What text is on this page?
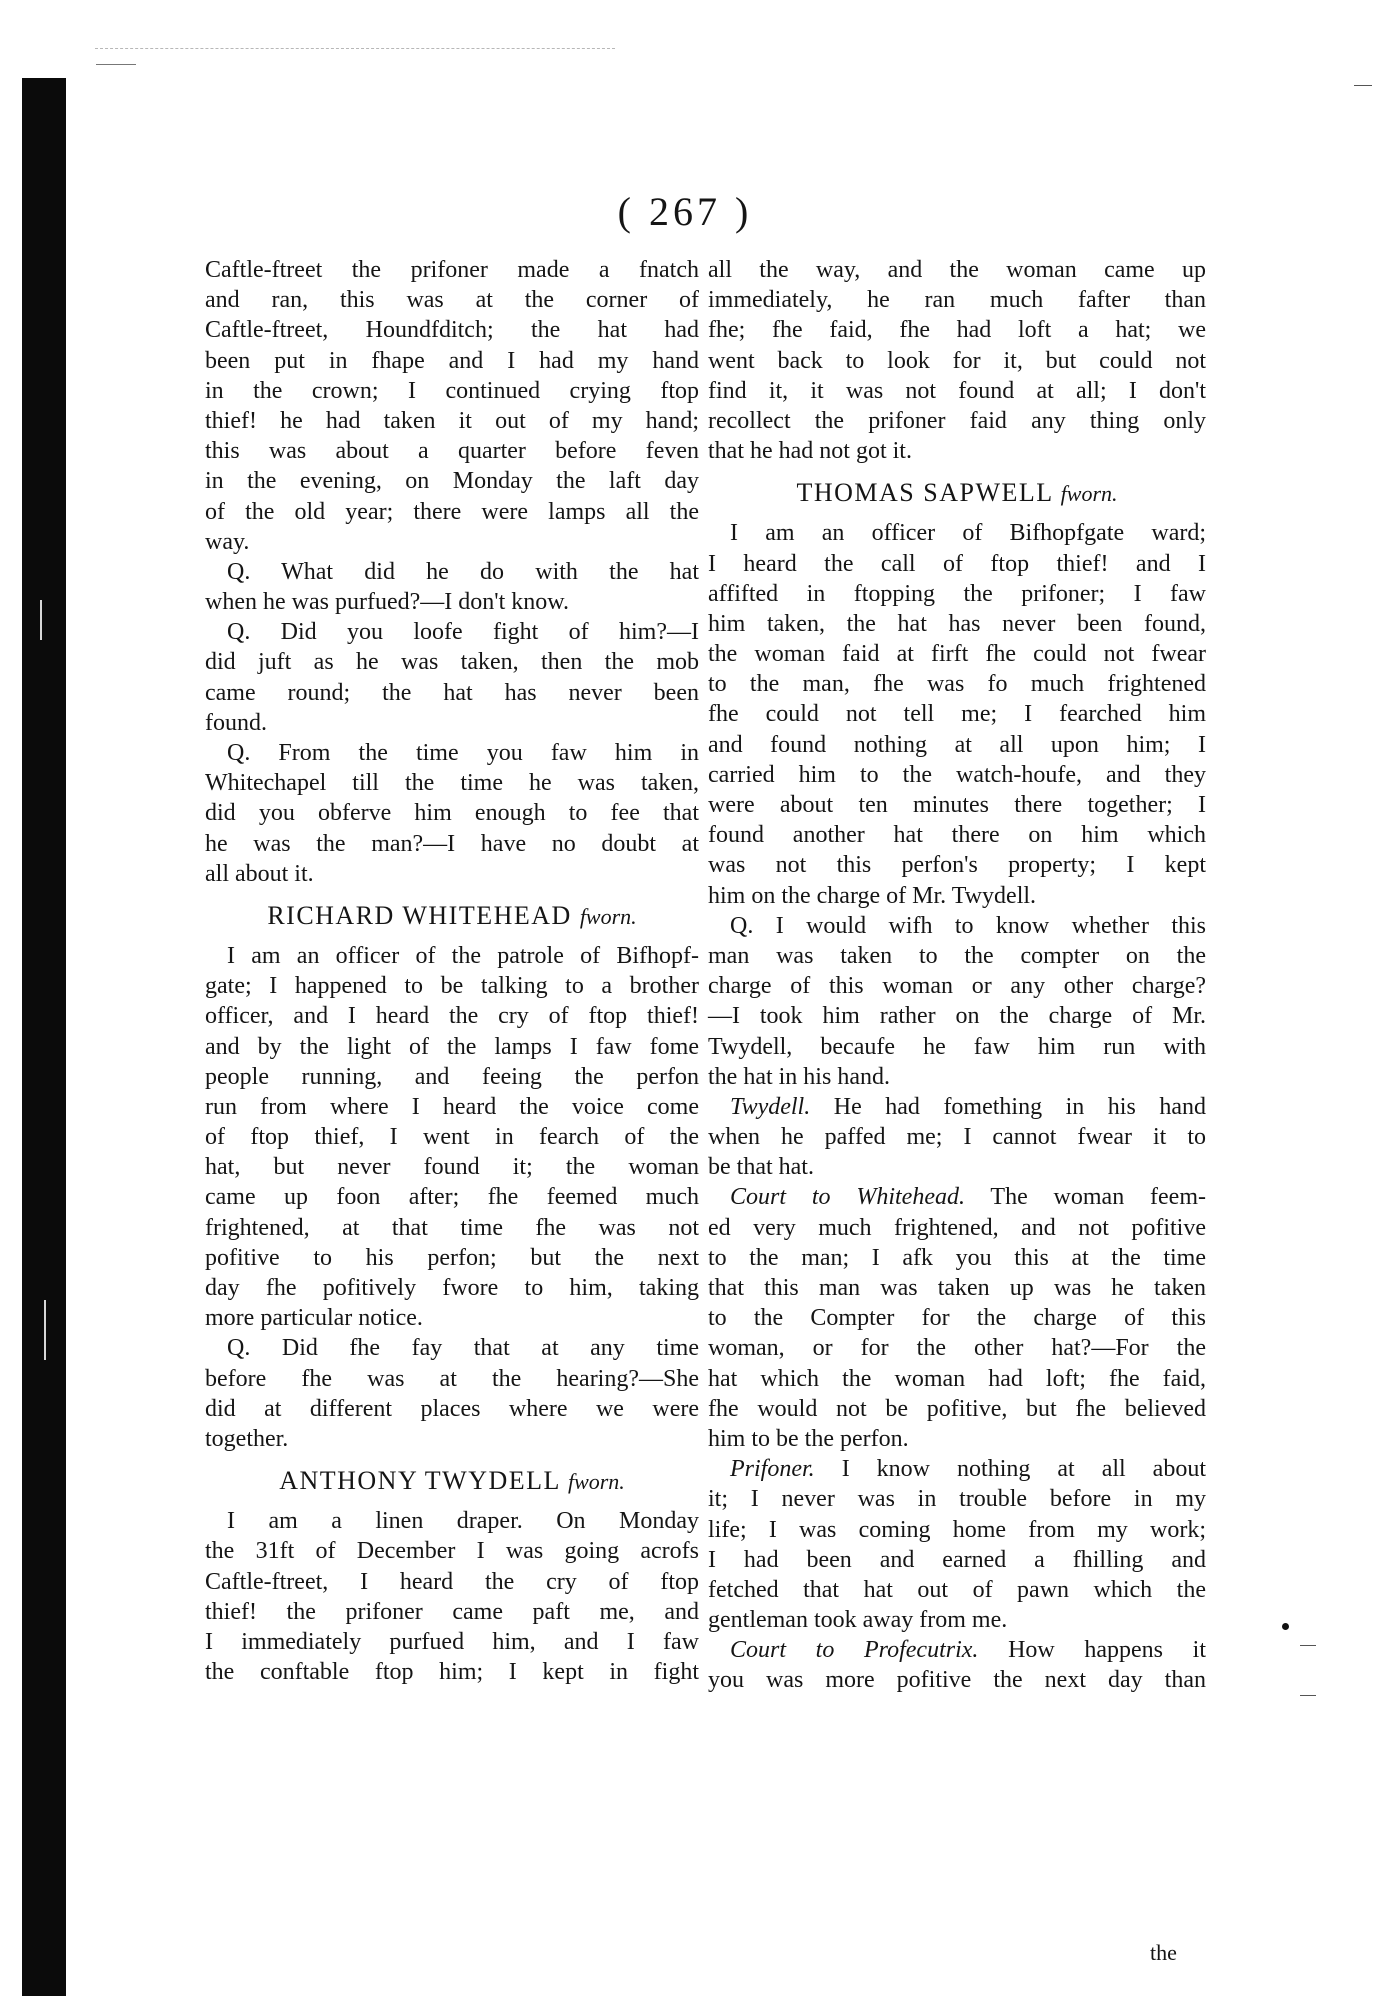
( 267 )
Caftle-ftreet the prifoner made a fnatch
and ran, this was at the corner of
Caftle-ftreet, Houndfditch; the hat had
been put in fhape and I had my hand
in the crown; I continued crying ftop
thief! he had taken it out of my hand;
this was about a quarter before feven
in the evening, on Monday the laft day
of the old year; there were lamps all the
way.
Q. What did he do with the hat
when he was purfued?—I don't know.
Q. Did you loofe fight of him?—I
did juft as he was taken, then the mob
came round; the hat has never been
found.
Q. From the time you faw him in
Whitechapel till the time he was taken,
did you obferve him enough to fee that
he was the man?—I have no doubt at
all about it.
RICHARD WHITEHEAD fworn.
I am an officer of the patrole of Bifhopf-
gate; I happened to be talking to a brother
officer, and I heard the cry of ftop thief!
and by the light of the lamps I faw fome
people running, and feeing the perfon
run from where I heard the voice come
of ftop thief, I went in fearch of the
hat, but never found it; the woman
came up foon after; fhe feemed much
frightened, at that time fhe was not
pofitive to his perfon; but the next
day fhe pofitively fwore to him, taking
more particular notice.
Q. Did fhe fay that at any time
before fhe was at the hearing?—She
did at different places where we were
together.
ANTHONY TWYDELL fworn.
I am a linen draper. On Monday
the 31ft of December I was going acrofs
Caftle-ftreet, I heard the cry of ftop
thief! the prifoner came paft me, and
I immediately purfued him, and I faw
the conftable ftop him; I kept in fight
all the way, and the woman came up
immediately, he ran much fafter than
fhe; fhe faid, fhe had loft a hat; we
went back to look for it, but could not
find it, it was not found at all; I don't
recollect the prifoner faid any thing only
that he had not got it.
THOMAS SAPWELL fworn.
I am an officer of Bifhopfgate ward;
I heard the call of ftop thief! and I
affifted in ftopping the prifoner; I faw
him taken, the hat has never been found,
the woman faid at firft fhe could not fwear
to the man, fhe was fo much frightened
fhe could not tell me; I fearched him
and found nothing at all upon him; I
carried him to the watch-houfe, and they
were about ten minutes there together; I
found another hat there on him which
was not this perfon's property; I kept
him on the charge of Mr. Twydell.
Q. I would wifh to know whether this
man was taken to the compter on the
charge of this woman or any other charge?
—I took him rather on the charge of Mr.
Twydell, becaufe he faw him run with
the hat in his hand.
Twydell. He had fomething in his hand
when he paffed me; I cannot fwear it to
be that hat.
Court to Whitehead. The woman feem-
ed very much frightened, and not pofitive
to the man; I afk you this at the time
that this man was taken up was he taken
to the Compter for the charge of this
woman, or for the other hat?—For the
hat which the woman had loft; fhe faid,
fhe would not be pofitive, but fhe believed
him to be the perfon.
Prifoner. I know nothing at all about
it; I never was in trouble before in my
life; I was coming home from my work;
I had been and earned a fhilling and
fetched that hat out of pawn which the
gentleman took away from me.
Court to Profecutrix. How happens it
you was more pofitive the next day than
the
